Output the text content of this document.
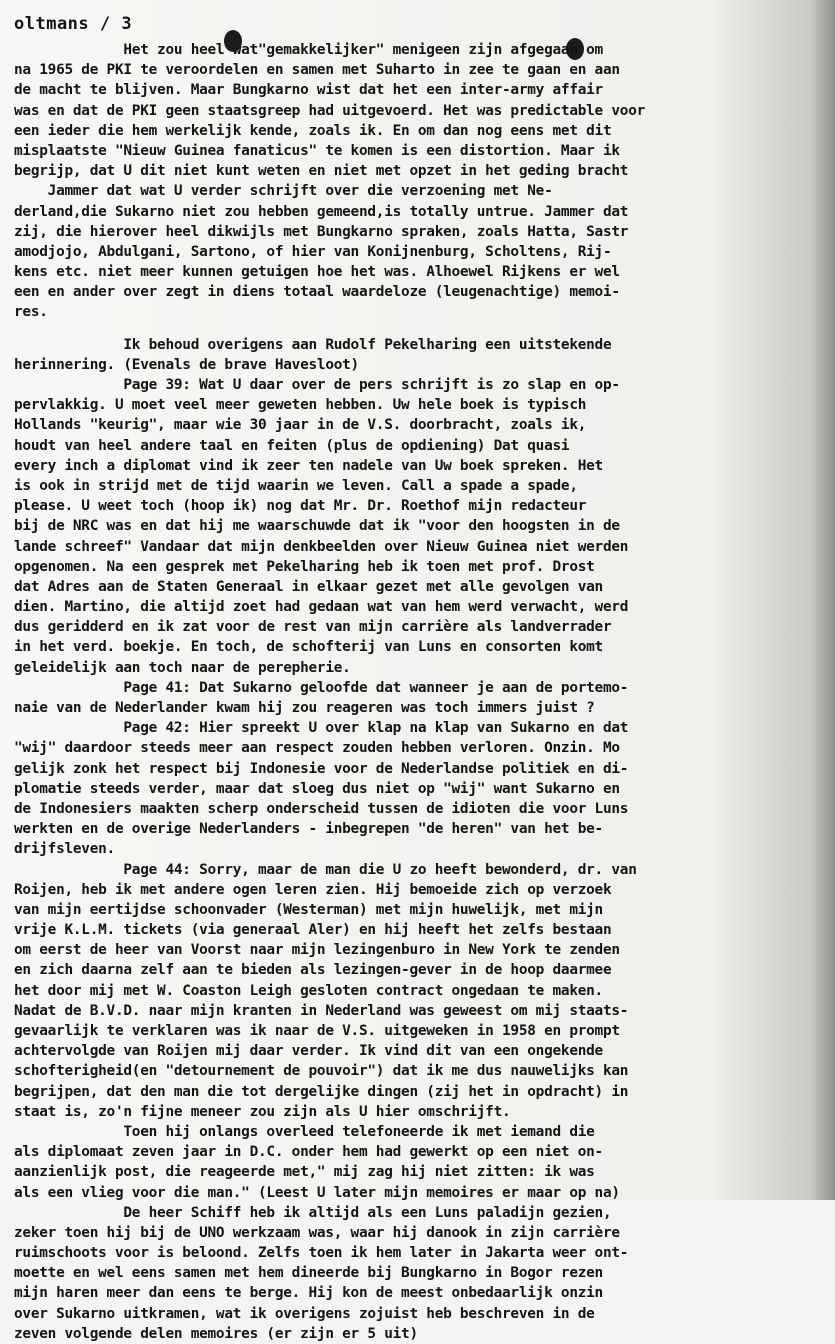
oltmans / 3
Het zou heel wat"gemakkelijker" menigeen zijn afgegaan om
na 1965 de PKI te veroordelen en samen met Suharto in zee te gaan en aan
de macht te blijven. Maar Bungkarno wist dat het een inter-army affair
was en dat de PKI geen staatsgreep had uitgevoerd. Het was predictable voor
een ieder die hem werkelijk kende, zoals ik. En om dan nog eens met dit
misplaatste "Nieuw Guinea fanaticus" te komen is een distortion. Maar ik
begrijp, dat U dit niet kunt weten en niet met opzet in het geding bracht
Jammer dat wat U verder schrijft over die verzoening met Ne-
derland,die Sukarno niet zou hebben gemeend,is totally untrue. Jammer dat
zij, die hierover heel dikwijls met Bungkarno spraken, zoals Hatta, Sastr
amodjojo, Abdulgani, Sartono, of hier van Konijnenburg, Scholtens, Rij-
kens etc. niet meer kunnen getuigen hoe het was. Alhoewel Rijkens er wel
een en ander over zegt in diens totaal waardeloze (leugenachtige) memoi-
res.
Ik behoud overigens aan Rudolf Pekelharing een uitstekende
herinnering. (Evenals de brave Havesloot)
Page 39: Wat U daar over de pers schrijft is zo slap en op-
pervlakkig. U moet veel meer geweten hebben. Uw hele boek is typisch
Hollands "keurig", maar wie 30 jaar in de V.S. doorbracht, zoals ik,
houdt van heel andere taal en feiten (plus de opdiening) Dat quasi
every inch a diplomat vind ik zeer ten nadele van Uw boek spreken. Het
is ook in strijd met de tijd waarin we leven. Call a spade a spade,
please. U weet toch (hoop ik) nog dat Mr. Dr. Roethof mijn redacteur
bij de NRC was en dat hij me waarschuwde dat ik "voor den hoogsten in de
lande schreef" Vandaar dat mijn denkbeelden over Nieuw Guinea niet werden
opgenomen. Na een gesprek met Pekelharing heb ik toen met prof. Drost
dat Adres aan de Staten Generaal in elkaar gezet met alle gevolgen van
dien. Martino, die altijd zoet had gedaan wat van hem werd verwacht, werd
dus geridderd en ik zat voor de rest van mijn carrière als landverrader
in het verd. boekje. En toch, de schofterij van Luns en consorten komt
geleidelijk aan toch naar de perepherie.
Page 41: Dat Sukarno geloofde dat wanneer je aan de portemo-
naie van de Nederlander kwam hij zou reageren was toch immers juist ?
Page 42: Hier spreekt U over klap na klap van Sukarno en dat
"wij" daardoor steeds meer aan respect zouden hebben verloren. Onzin. Mo
gelijk zonk het respect bij Indonesie voor de Nederlandse politiek en di-
plomatie steeds verder, maar dat sloeg dus niet op "wij" want Sukarno en
de Indonesiers maakten scherp onderscheid tussen de idioten die voor Luns
werkten en de overige Nederlanders - inbegrepen "de heren" van het be-
drijfsleven.
Page 44: Sorry, maar de man die U zo heeft bewonderd, dr. van
Roijen, heb ik met andere ogen leren zien. Hij bemoeide zich op verzoek
van mijn eertijdse schoonvader (Westerman) met mijn huwelijk, met mijn
vrije K.L.M. tickets (via generaal Aler) en hij heeft het zelfs bestaan
om eerst de heer van Voorst naar mijn lezingenburo in New York te zenden
en zich daarna zelf aan te bieden als lezingen-gever in de hoop daarmee
het door mij met W. Coaston Leigh gesloten contract ongedaan te maken.
Nadat de B.V.D. naar mijn kranten in Nederland was geweest om mij staats-
gevaarlijk te verklaren was ik naar de V.S. uitgeweken in 1958 en prompt
achtervolgde van Roijen mij daar verder. Ik vind dit van een ongekende
schofterigheid(en "detournement de pouvoir") dat ik me dus nauwelijks kan
begrijpen, dat den man die tot dergelijke dingen (zij het in opdracht) in
staat is, zo'n fijne meneer zou zijn als U hier omschrijft.
Toen hij onlangs overleed telefoneerde ik met iemand die
als diplomaat zeven jaar in D.C. onder hem had gewerkt op een niet on-
aanzienlijk post, die reageerde met," mij zag hij niet zitten: ik was
als een vlieg voor die man." (Leest U later mijn memoires er maar op na)
De heer Schiff heb ik altijd als een Luns paladijn gezien,
zeker toen hij bij de UNO werkzaam was, waar hij danook in zijn carrière
ruimschoots voor is beloond. Zelfs toen ik hem later in Jakarta weer ont-
moette en wel eens samen met hem dineerde bij Bungkarno in Bogor rezen
mijn haren meer dan eens te berge. Hij kon de meest onbedaarlijk onzin
over Sukarno uitkramen, wat ik overigens zojuist heb beschreven in de
zeven volgende delen memoires (er zijn er 5 uit)
